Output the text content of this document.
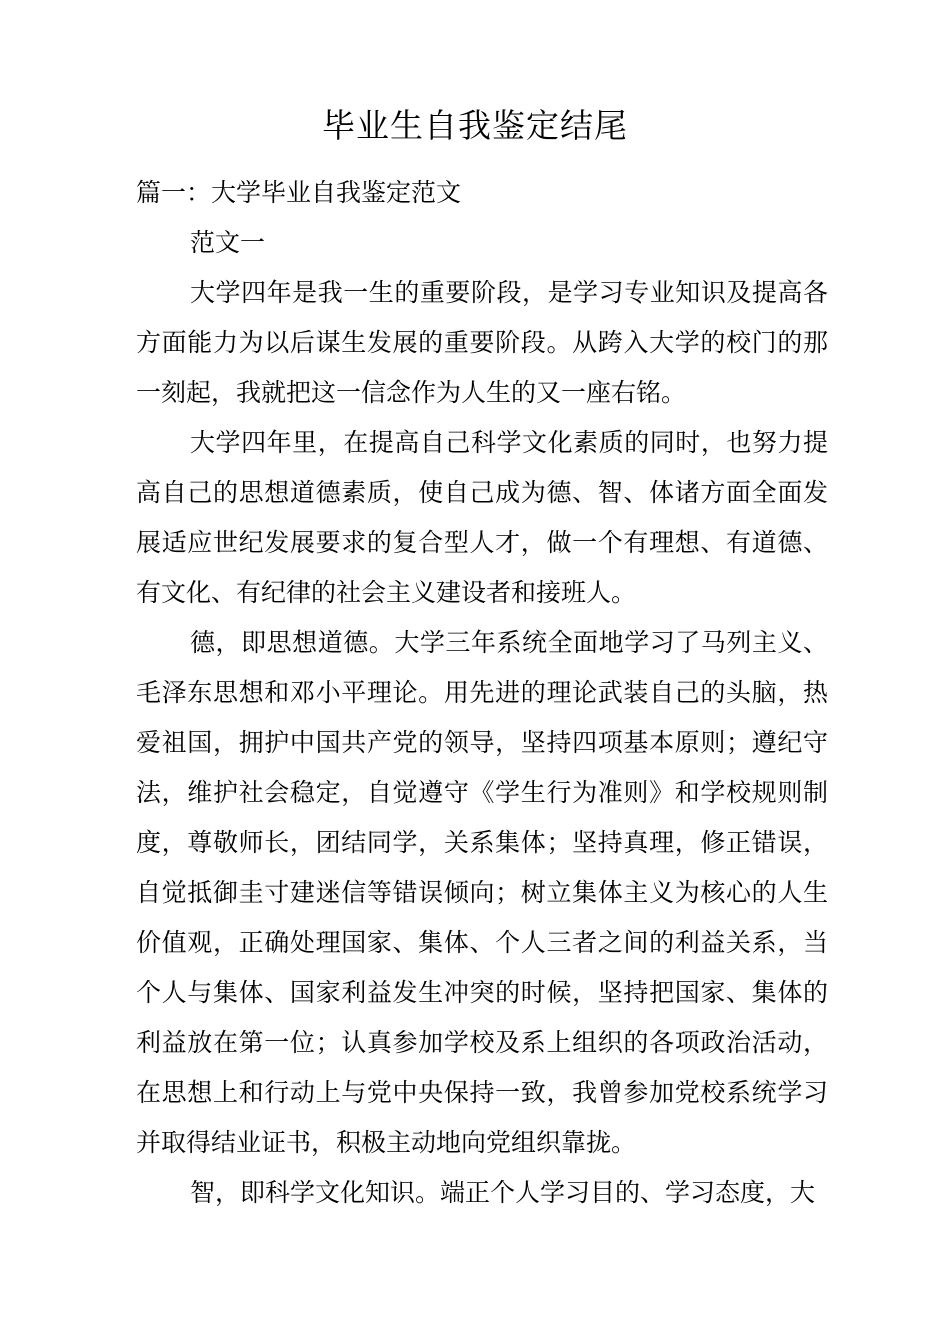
毕业生自我鉴定结尾

篇一：大学毕业自我鉴定范文

范文一

大学四年是我一生的重要阶段，是学习专业知识及提高各方面能力为以后谋生发展的重要阶段。从跨入大学的校门的那一刻起，我就把这一信念作为人生的又一座右铭。

大学四年里，在提高自己科学文化素质的同时，也努力提高自己的思想道德素质，使自己成为德、智、体诸方面全面发展适应世纪发展要求的复合型人才，做一个有理想、有道德、有文化、有纪律的社会主义建设者和接班人。

德，即思想道德。大学三年系统全面地学习了马列主义、毛泽东思想和邓小平理论。用先进的理论武装自己的头脑，热爱祖国，拥护中国共产党的领导，坚持四项基本原则；遵纪守法，维护社会稳定，自觉遵守《学生行为准则》和学校规则制度，尊敬师长，团结同学，关系集体；坚持真理，修正错误，自觉抵御圭寸建迷信等错误倾向；树立集体主义为核心的人生价值观，正确处理国家、集体、个人三者之间的利益关系，当个人与集体、国家利益发生冲突的时候，坚持把国家、集体的利益放在第一位；认真参加学校及系上组织的各项政治活动，在思想上和行动上与党中央保持一致，我曾参加党校系统学习并取得结业证书，积极主动地向党组织靠拢。

智，即科学文化知识。端正个人学习目的、学习态度，大
